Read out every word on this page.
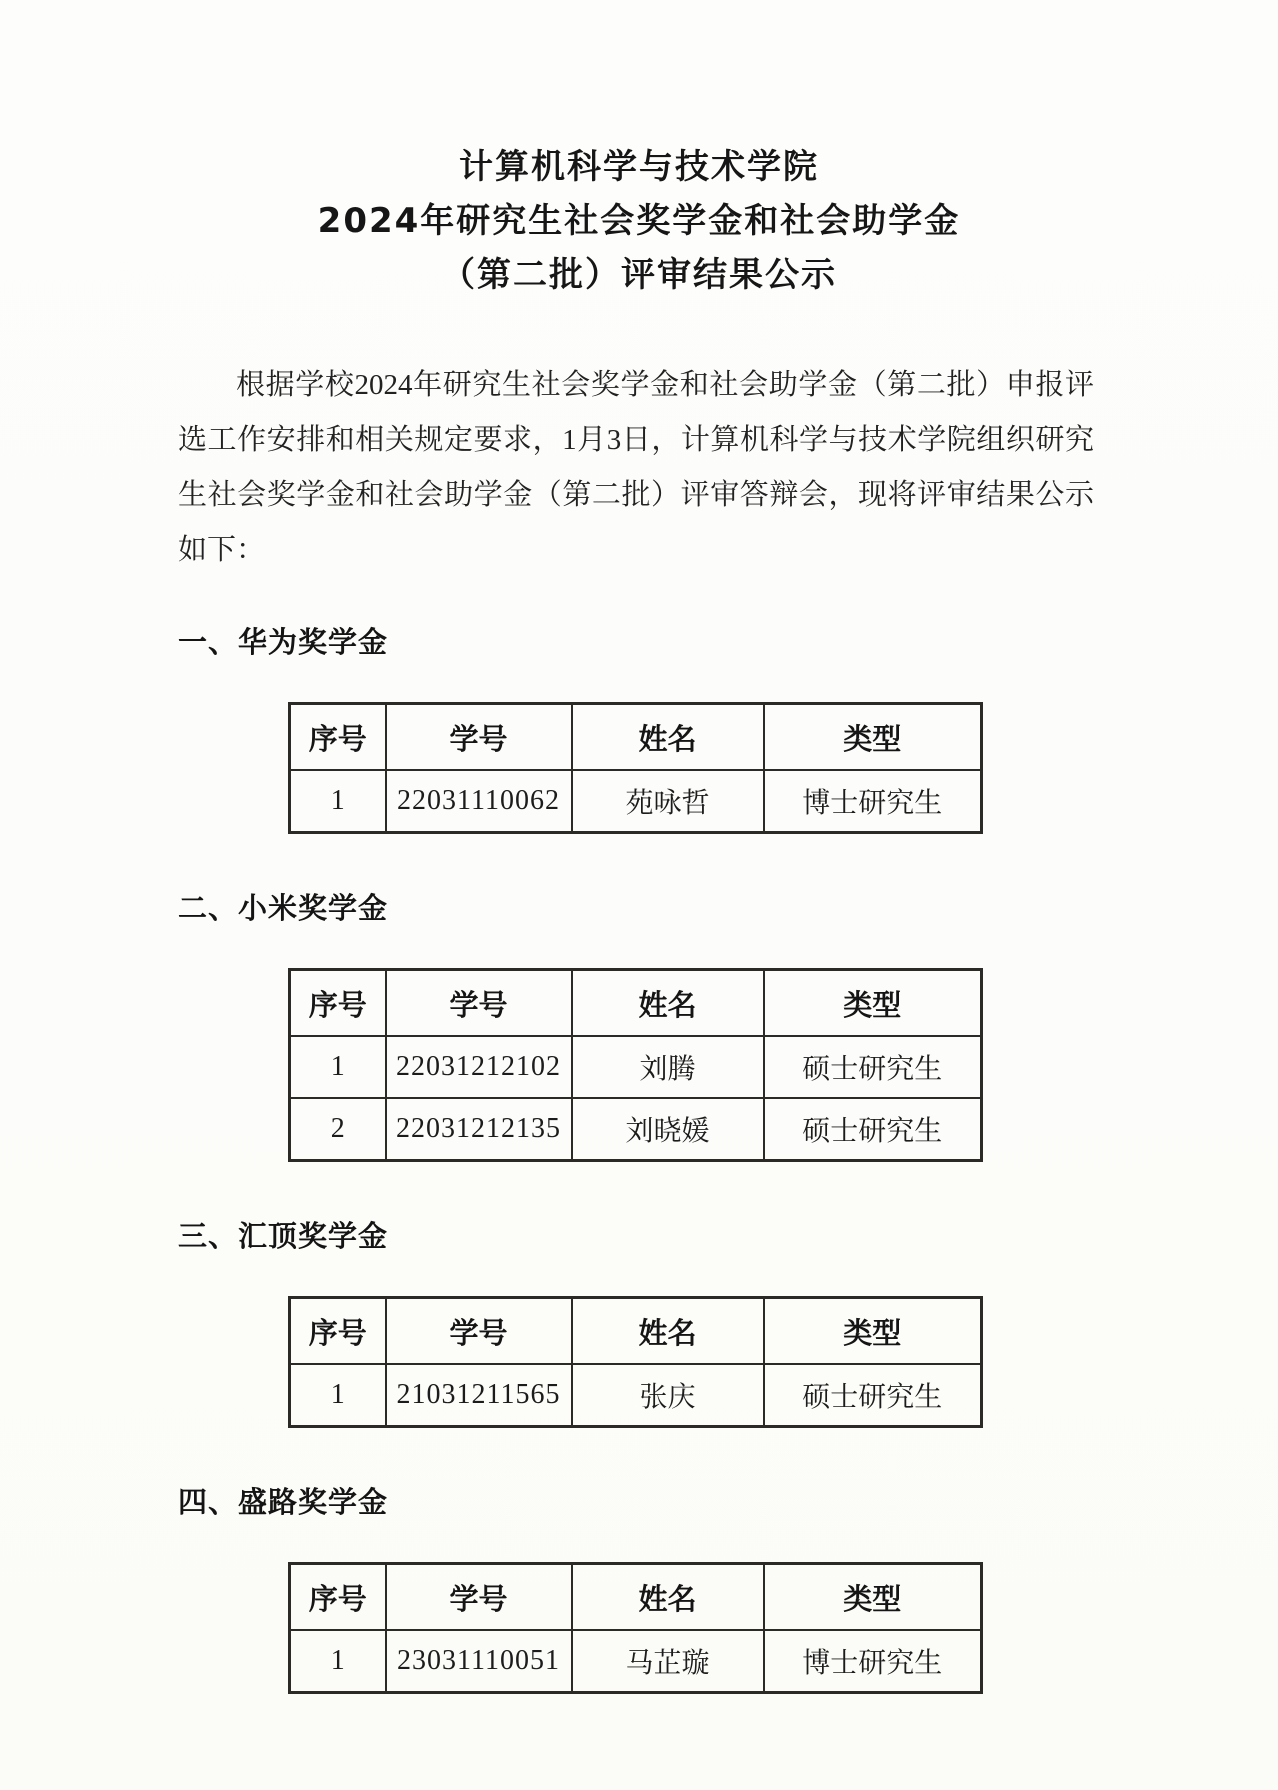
计算机科学与技术学院
2024年研究生社会奖学金和社会助学金
（第二批）评审结果公示

根据学校2024年研究生社会奖学金和社会助学金（第二批）申报评选工作安排和相关规定要求，1月3日，计算机科学与技术学院组织研究生社会奖学金和社会助学金（第二批）评审答辩会，现将评审结果公示如下：

一、华为奖学金
序号	学号	姓名	类型
1	22031110062	苑咏哲	博士研究生
二、小米奖学金
序号	学号	姓名	类型
1	22031212102	刘腾	硕士研究生
2	22031212135	刘晓媛	硕士研究生
三、汇顶奖学金
序号	学号	姓名	类型
1	21031211565	张庆	硕士研究生
四、盛路奖学金
序号	学号	姓名	类型
1	23031110051	马芷璇	博士研究生
